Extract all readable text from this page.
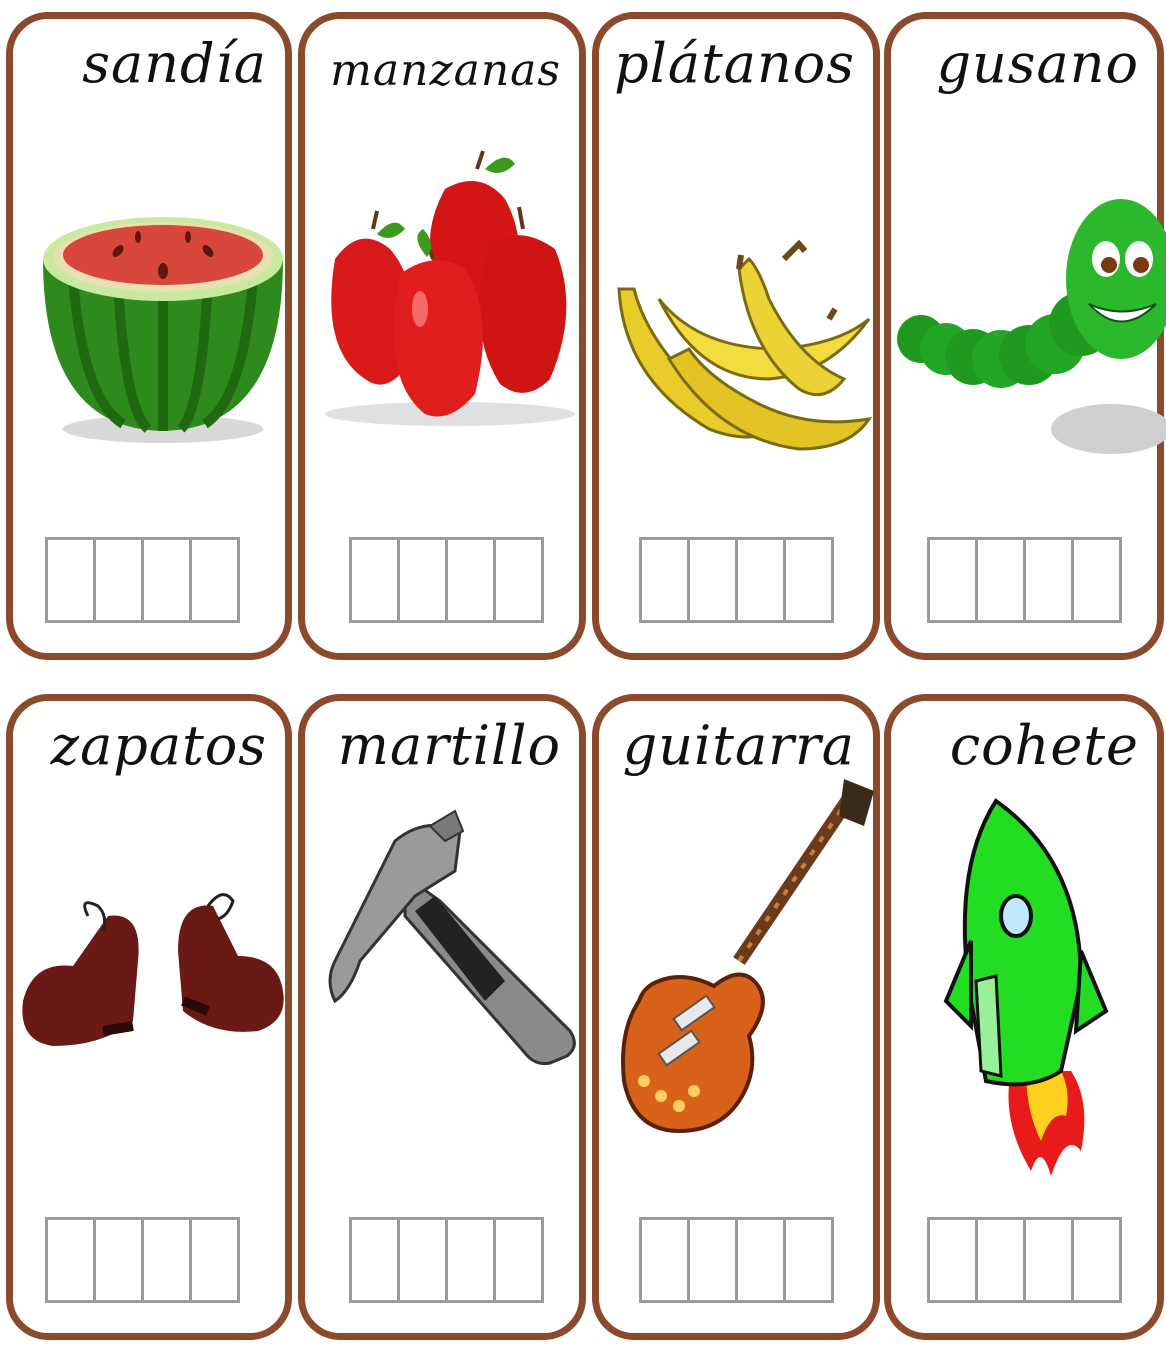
sandía manzanas plátanos gusano
zapatos martillo guitarra cohete
